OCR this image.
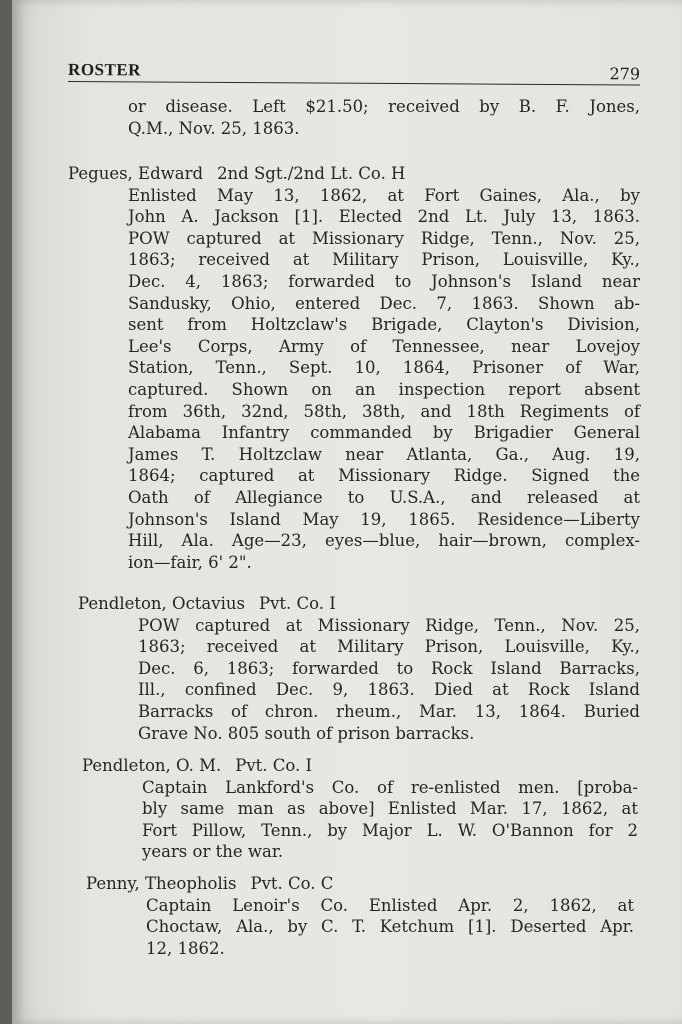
ROSTER	279
or disease. Left $21.50; received by B. F. Jones,
Q.M., Nov. 25, 1863.
Pegues, Edward 2nd Sgt./2nd Lt. Co. H
Enlisted May 13, 1862, at Fort Gaines, Ala., by
John A. Jackson [1]. Elected 2nd Lt. July 13, 1863.
POW captured at Missionary Ridge, Tenn., Nov. 25,
1863; received at Military Prison, Louisville, Ky.,
Dec. 4, 1863; forwarded to Johnson's Island near
Sandusky, Ohio, entered Dec. 7, 1863. Shown ab-
sent from Holtzclaw's Brigade, Clayton's Division,
Lee's Corps, Army of Tennessee, near Lovejoy
Station, Tenn., Sept. 10, 1864, Prisoner of War,
captured. Shown on an inspection report absent
from 36th, 32nd, 58th, 38th, and 18th Regiments of
Alabama Infantry commanded by Brigadier General
James T. Holtzclaw near Atlanta, Ga., Aug. 19,
1864; captured at Missionary Ridge. Signed the
Oath of Allegiance to U.S.A., and released at
Johnson's Island May 19, 1865. Residence—Liberty
Hill, Ala. Age—23, eyes—blue, hair—brown, complex-
ion—fair, 6' 2".
Pendleton, Octavius Pvt. Co. I
POW captured at Missionary Ridge, Tenn., Nov. 25,
1863; received at Military Prison, Louisville, Ky.,
Dec. 6, 1863; forwarded to Rock Island Barracks,
Ill., confined Dec. 9, 1863. Died at Rock Island
Barracks of chron. rheum., Mar. 13, 1864. Buried
Grave No. 805 south of prison barracks.
Pendleton, O. M. Pvt. Co. I
Captain Lankford's Co. of re-enlisted men. [proba-
bly same man as above] Enlisted Mar. 17, 1862, at
Fort Pillow, Tenn., by Major L. W. O'Bannon for 2
years or the war.
Penny, Theopholis Pvt. Co. C
Captain Lenoir's Co. Enlisted Apr. 2, 1862, at
Choctaw, Ala., by C. T. Ketchum [1]. Deserted Apr.
12, 1862.
